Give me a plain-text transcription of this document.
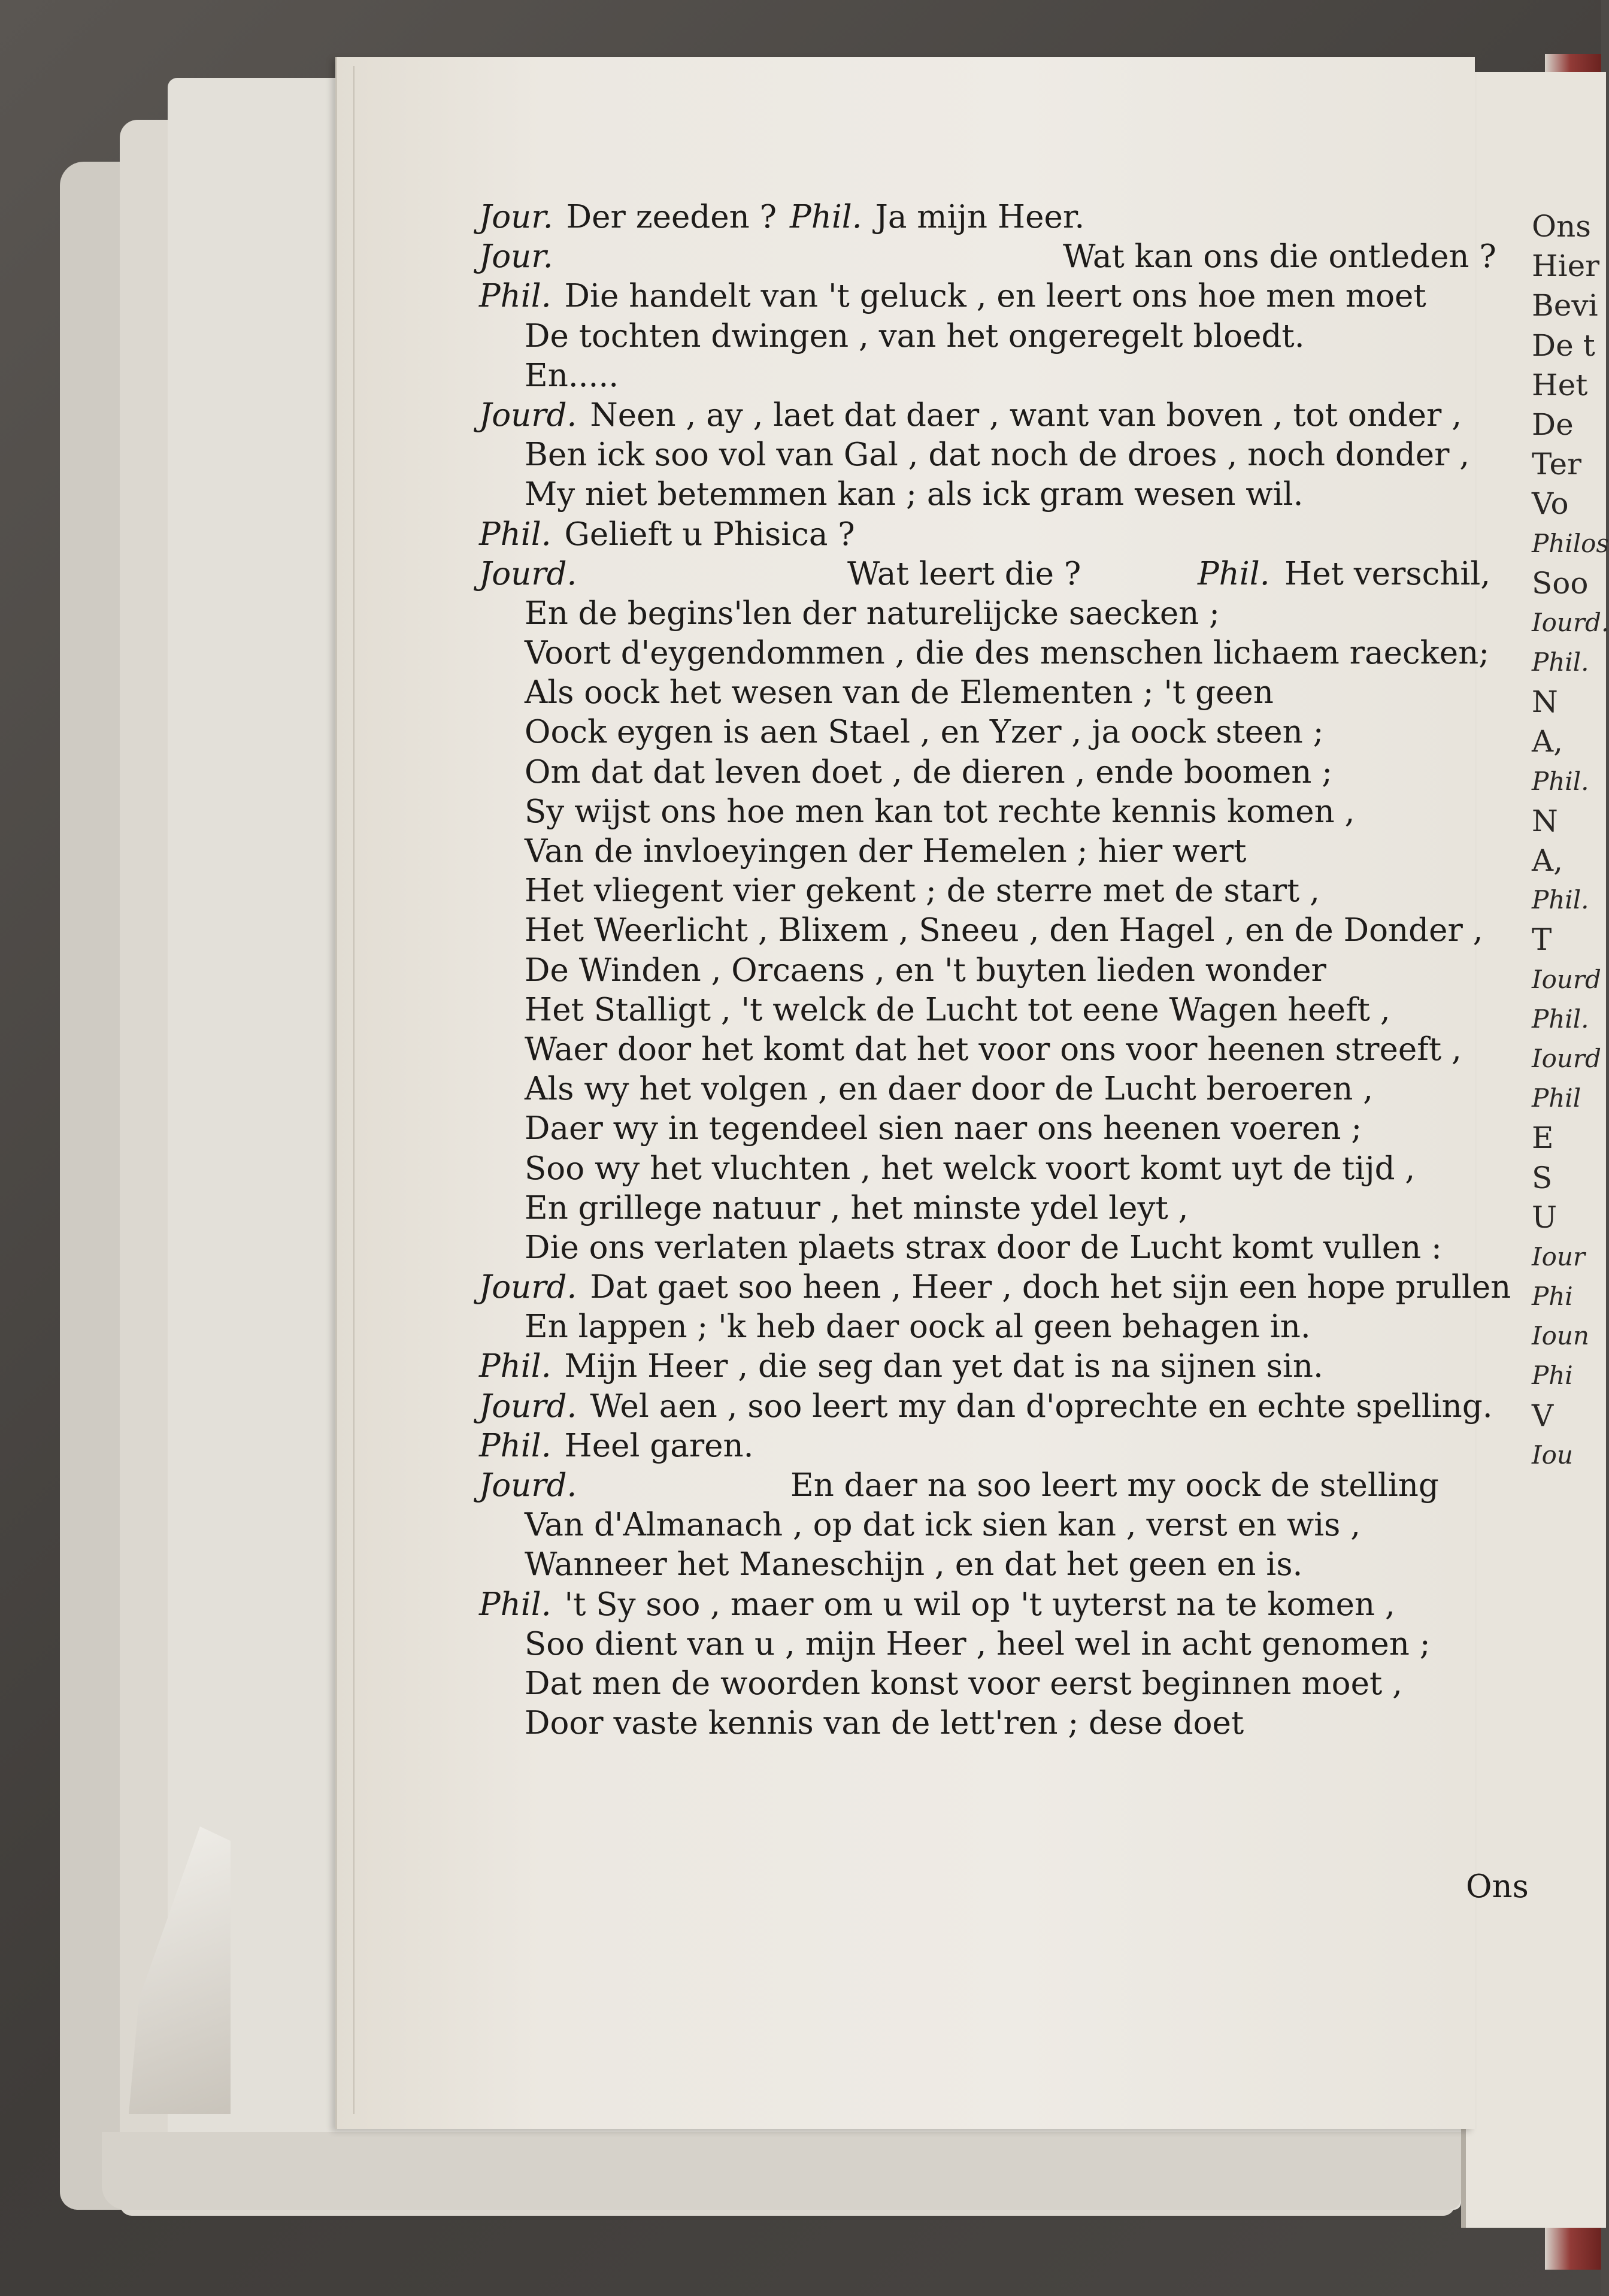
Ons
Hier
Bevi
De t
Het
De
Ter
Vo
Philos
Soo
Iourd.
Phil.
N
A,
Phil.
N
A,
Phil.
T
Iourd
Phil.
Iourd
Phil
E
S
U
Iour
Phi
Ioun
Phi
V
Iou
Jour. Der zeeden ? Phil. Ja mijn Heer.
Jour.	Wat kan ons die ontleden ?
Phil. Die handelt van 't geluck , en leert ons hoe men moet
De tochten dwingen , van het ongeregelt bloedt.
En.....
Jourd. Neen , ay , laet dat daer , want van boven , tot onder ,
Ben ick soo vol van Gal , dat noch de droes , noch donder ,
My niet betemmen kan ; als ick gram wesen wil.
Phil. Gelieft u Phisica ?
Jourd.	Wat leert die ?	Phil. Het verschil,
En de begins'len der naturelijcke saecken ;
Voort d'eygendommen , die des menschen lichaem raecken;
Als oock het wesen van de Elementen ; 't geen
Oock eygen is aen Stael , en Yzer , ja oock steen ;
Om dat dat leven doet , de dieren , ende boomen ;
Sy wijst ons hoe men kan tot rechte kennis komen ,
Van de invloeyingen der Hemelen ; hier wert
Het vliegent vier gekent ; de sterre met de start ,
Het Weerlicht , Blixem , Sneeu , den Hagel , en de Donder ,
De Winden , Orcaens , en 't buyten lieden wonder
Het Stalligt , 't welck de Lucht tot eene Wagen heeft ,
Waer door het komt dat het voor ons voor heenen streeft ,
Als wy het volgen , en daer door de Lucht beroeren ,
Daer wy in tegendeel sien naer ons heenen voeren ;
Soo wy het vluchten , het welck voort komt uyt de tijd ,
En grillege natuur , het minste ydel leyt ,
Die ons verlaten plaets strax door de Lucht komt vullen :
Jourd. Dat gaet soo heen , Heer , doch het sijn een hope prullen
En lappen ; 'k heb daer oock al geen behagen in.
Phil. Mijn Heer , die seg dan yet dat is na sijnen sin.
Jourd. Wel aen , soo leert my dan d'oprechte en echte spelling.
Phil. Heel garen.
Jourd.	En daer na soo leert my oock de stelling
Van d'Almanach , op dat ick sien kan , verst en wis ,
Wanneer het Maneschijn , en dat het geen en is.
Phil. 't Sy soo , maer om u wil op 't uyterst na te komen ,
Soo dient van u , mijn Heer , heel wel in acht genomen ;
Dat men de woorden konst voor eerst beginnen moet ,
Door vaste kennis van de lett'ren ; dese doet
Ons
